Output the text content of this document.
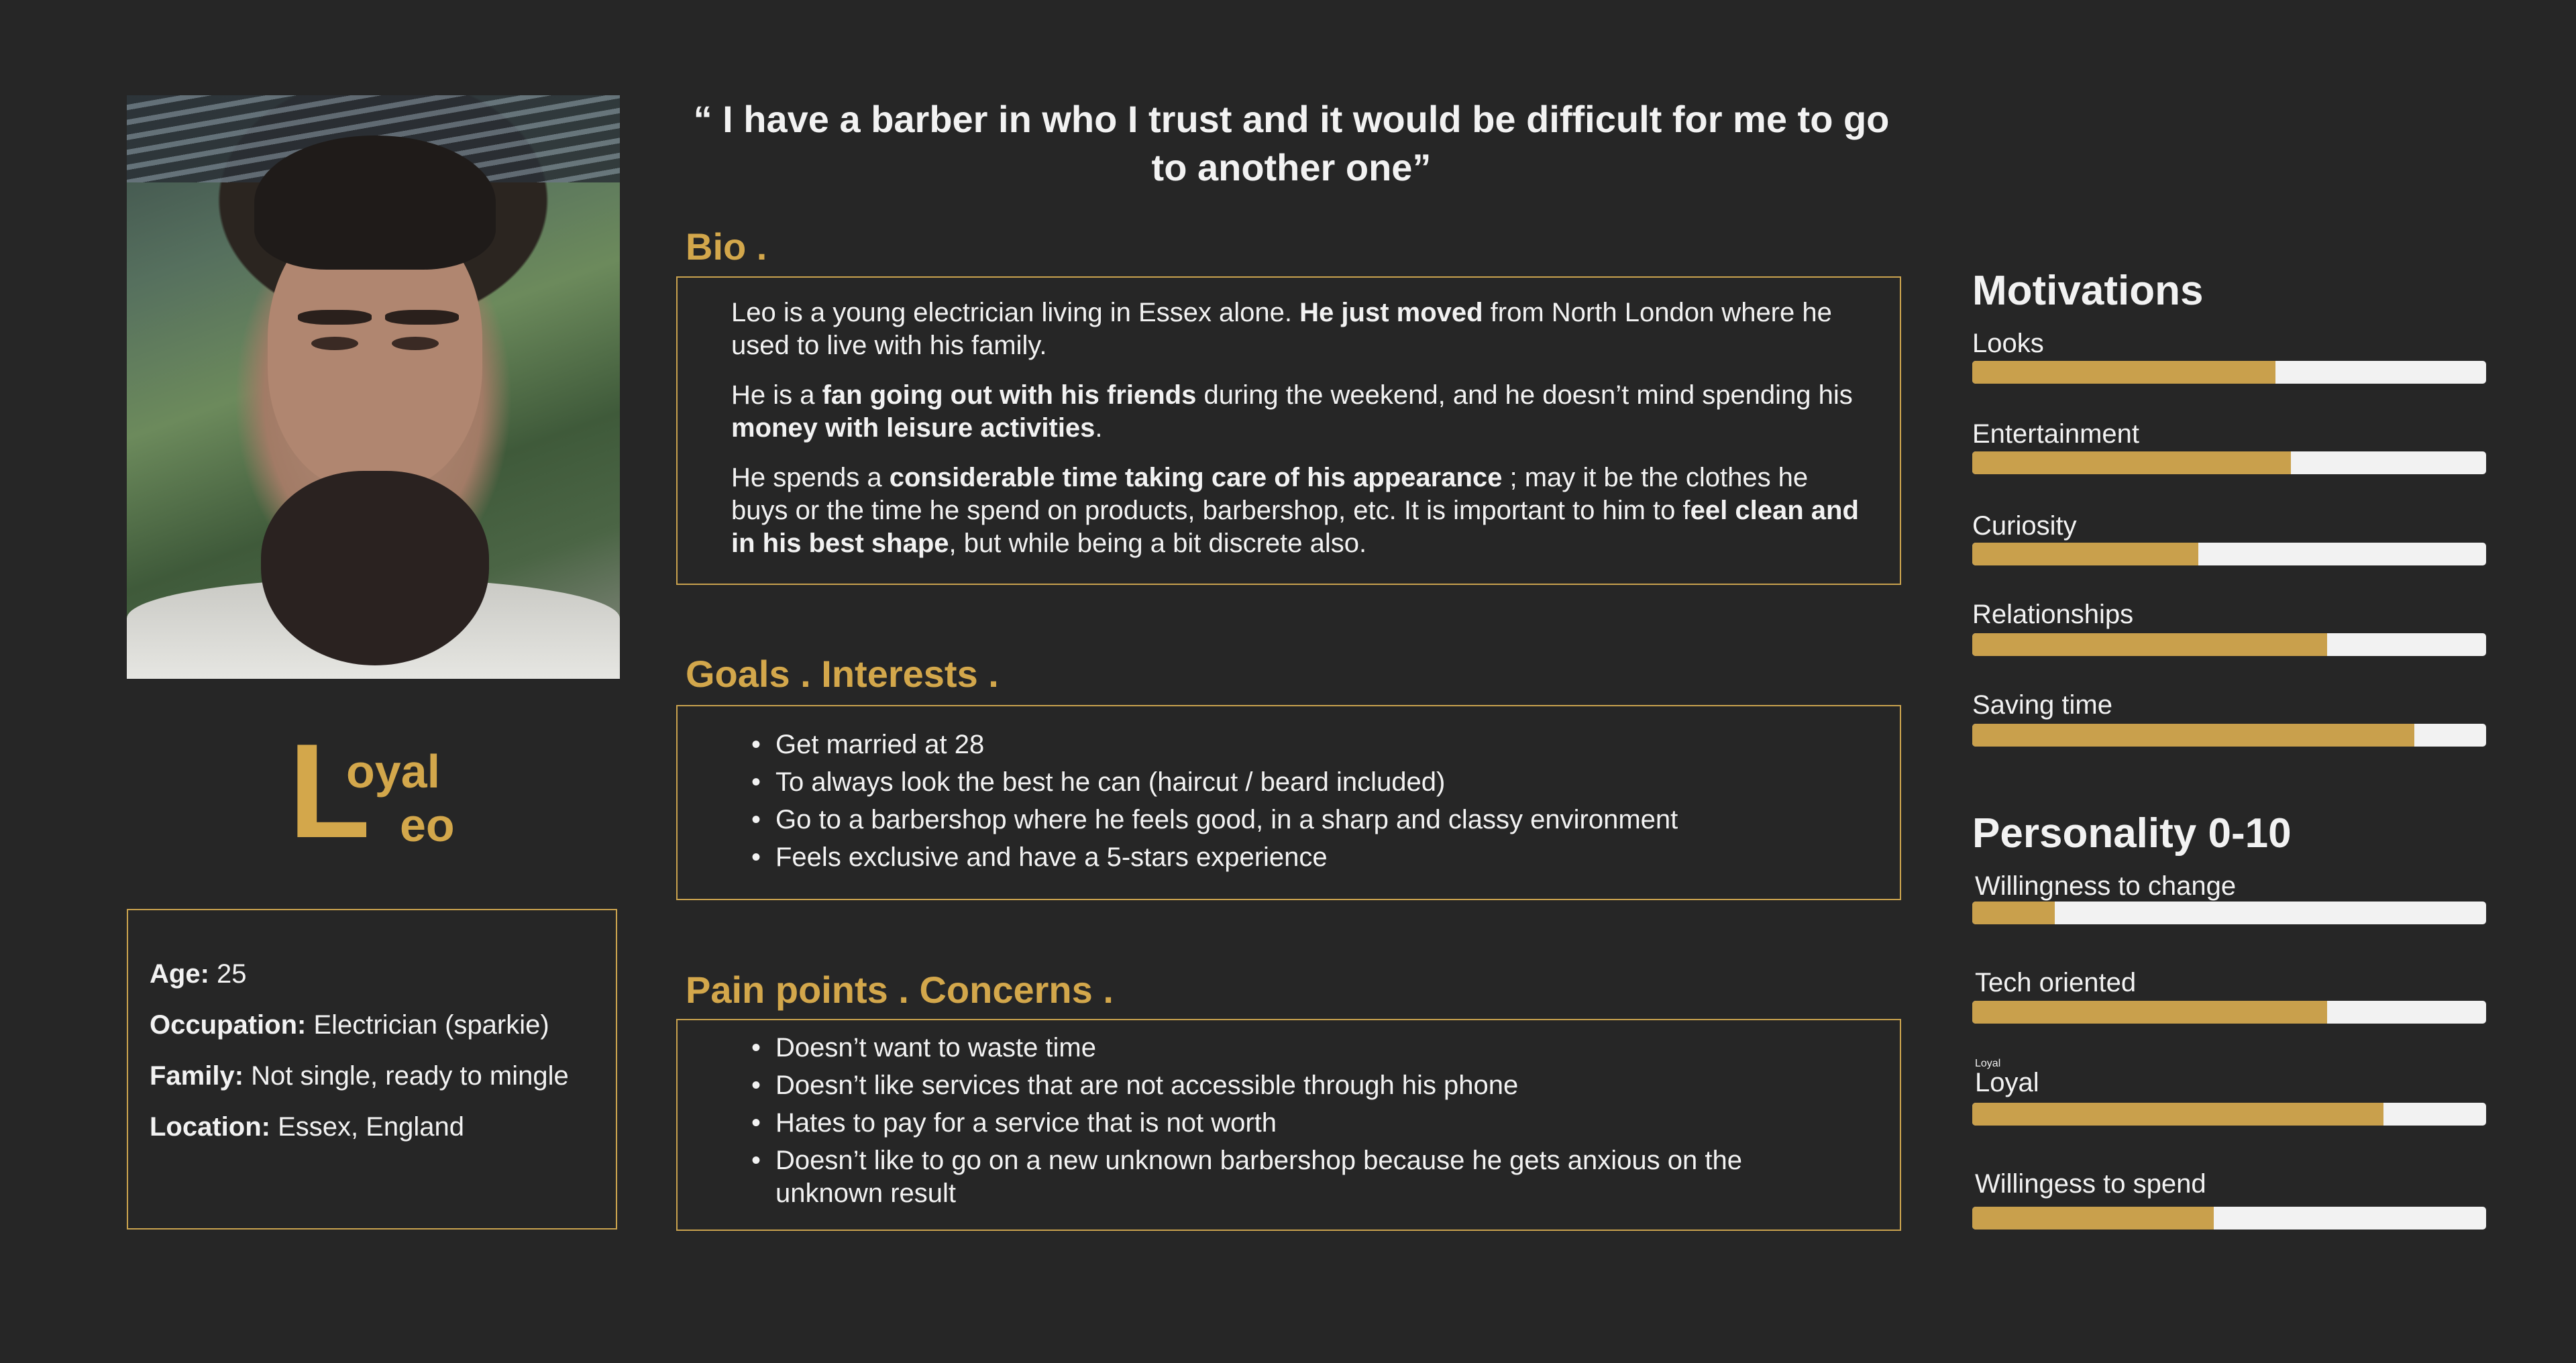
L
oyal
eo
Age: 25
Occupation: Electrician (sparkie)
Family: Not single, ready to mingle
Location: Essex, England
“ I have a barber in who I trust and it would be difficult for me to go to another one”
Bio .

Leo is a young electrician living in Essex alone. He just moved from North London where he used to live with his family.

He is a fan going out with his friends during the weekend, and he doesn’t mind spending his money with leisure activities.

He spends a considerable time taking care of his appearance ; may it be the clothes he buys or the time he spend on products, barbershop, etc. It is important to him to feel clean and in his best shape, but while being a bit discrete also.

Goals . Interests .
• Get married at 28
• To always look the best he can (haircut / beard included)
• Go to a barbershop where he feels good, in a sharp and classy environment
• Feels exclusive and have a 5-stars experience
Pain points . Concerns .
• Doesn’t want to waste time
• Doesn’t like services that are not accessible through his phone
• Hates to pay for a service that is not worth
• Doesn’t like to go on a new unknown barbershop because he gets anxious on the unknown result
Motivations
Looks
Entertainment
Curiosity
Relationships
Saving time
Personality 0-10
Willingness to change
Tech oriented
Loyal
Loyal
Willingess to spend
